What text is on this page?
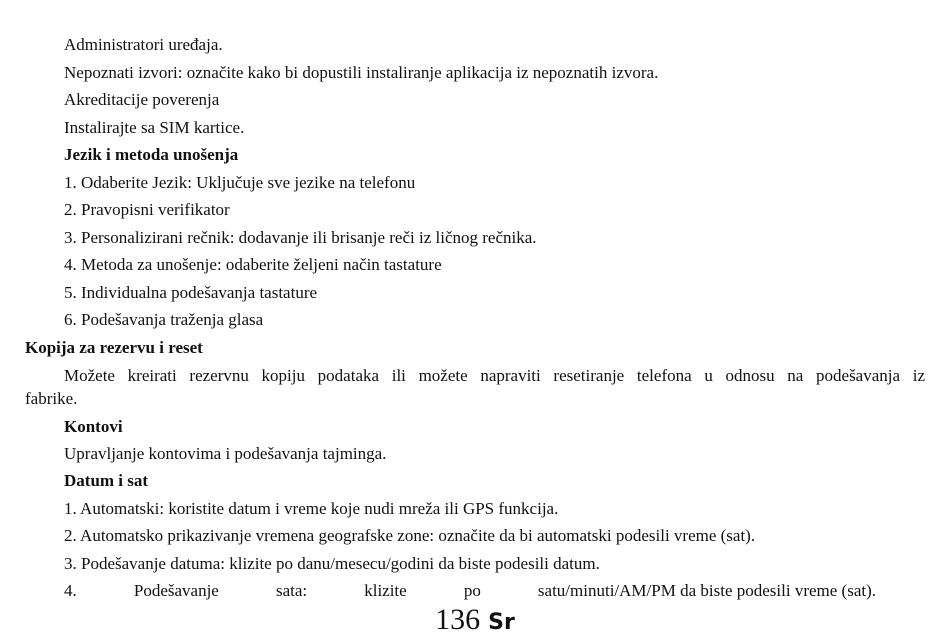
Administratori uređaja.
Nepoznati izvori: označite kako bi dopustili instaliranje aplikacija iz nepoznatih izvora.
Akreditacije poverenja
Instalirajte sa SIM kartice.
Jezik i metoda unošenja
1. Odaberite Jezik: Uključuje sve jezike na telefonu
2. Pravopisni verifikator
3. Personalizirani rečnik: dodavanje ili brisanje reči iz ličnog rečnika.
4. Metoda za unošenje: odaberite željeni način tastature
5. Individualna podešavanja tastature
6. Podešavanja traženja glasa
Kopija za rezervu i reset
Možete kreirati rezervnu kopiju podataka ili možete napraviti resetiranje telefona u odnosu na podešavanja iz
fabrike.
Kontovi
Upravljanje kontovima i podešavanja tajminga.
Datum i sat
1. Automatski: koristite datum i vreme koje nudi mreža ili GPS funkcija.
2. Automatsko prikazivanje vremena geografske zone: označite da bi automatski podesili vreme (sat).
3. Podešavanje datuma: klizite po danu/mesecu/godini da biste podesili datum.
4.	Podešavanje	sata:	klizite	po	satu/minuti/AM/PM da biste podesili vreme (sat).
136 Sr
